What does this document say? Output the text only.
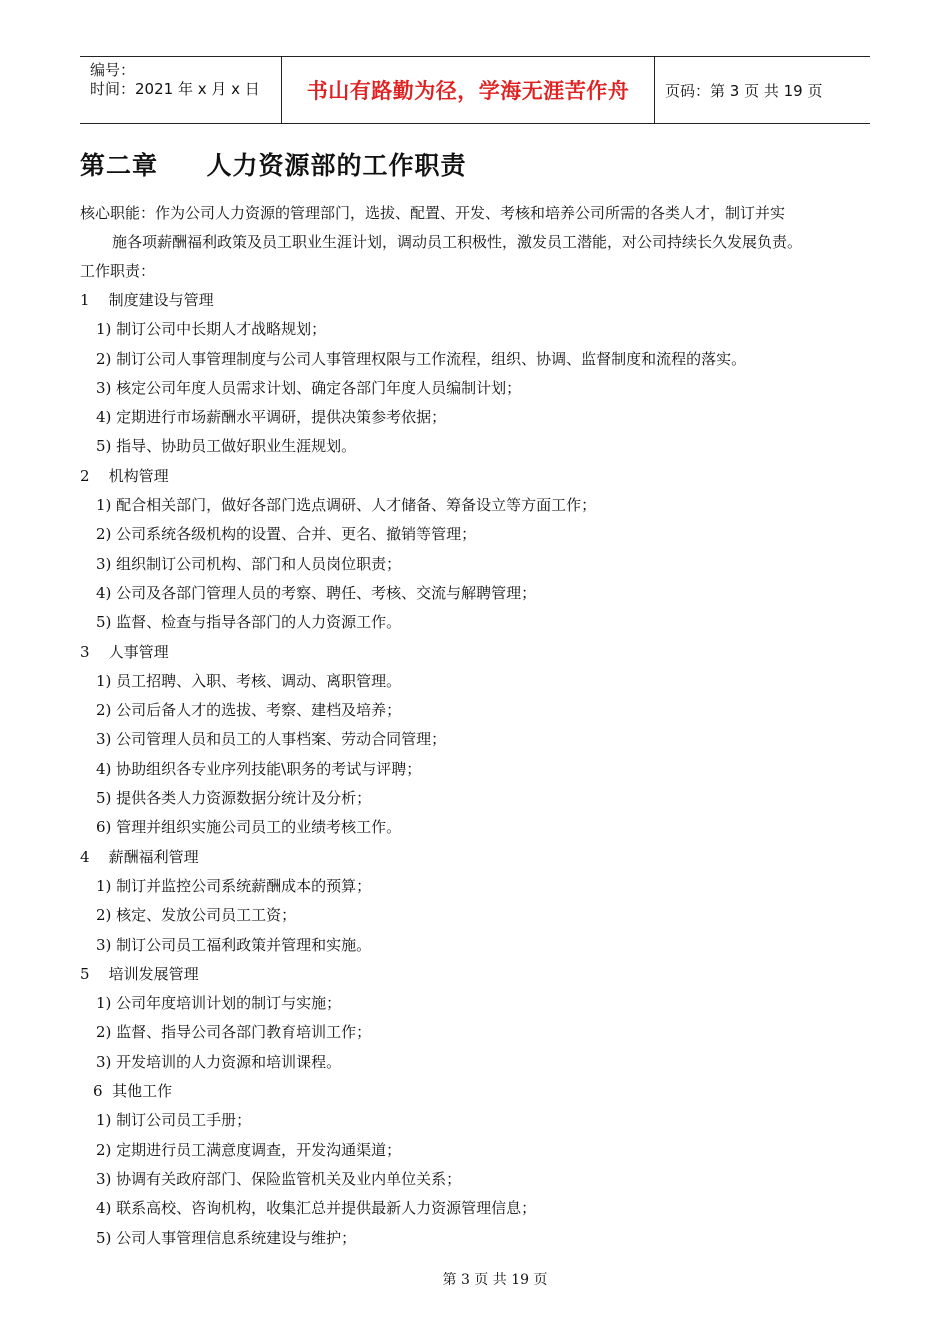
编号：
时间：2021 年 x 月 x 日	书山有路勤为径，学海无涯苦作舟	页码：第 3 页 共 19 页
第二章     人力资源部的工作职责

核心职能：作为公司人力资源的管理部门，选拔、配置、开发、考核和培养公司所需的各类人才，制订并实

施各项薪酬福利政策及员工职业生涯计划，调动员工积极性，激发员工潜能，对公司持续长久发展负责。

工作职责：

1    制度建设与管理

1) 制订公司中长期人才战略规划；

2) 制订公司人事管理制度与公司人事管理权限与工作流程，组织、协调、监督制度和流程的落实。

3) 核定公司年度人员需求计划、确定各部门年度人员编制计划；

4) 定期进行市场薪酬水平调研，提供决策参考依据；

5) 指导、协助员工做好职业生涯规划。

2    机构管理

1) 配合相关部门，做好各部门选点调研、人才储备、筹备设立等方面工作；

2) 公司系统各级机构的设置、合并、更名、撤销等管理；

3) 组织制订公司机构、部门和人员岗位职责；

4) 公司及各部门管理人员的考察、聘任、考核、交流与解聘管理；

5) 监督、检查与指导各部门的人力资源工作。

3    人事管理

1) 员工招聘、入职、考核、调动、离职管理。

2) 公司后备人才的选拔、考察、建档及培养；

3) 公司管理人员和员工的人事档案、劳动合同管理；

4) 协助组织各专业序列技能\职务的考试与评聘；

5) 提供各类人力资源数据分统计及分析；

6) 管理并组织实施公司员工的业绩考核工作。

4    薪酬福利管理

1) 制订并监控公司系统薪酬成本的预算；

2) 核定、发放公司员工工资；

3) 制订公司员工福利政策并管理和实施。

5    培训发展管理

1) 公司年度培训计划的制订与实施；

2) 监督、指导公司各部门教育培训工作；

3) 开发培训的人力资源和培训课程。

6  其他工作

1) 制订公司员工手册；

2) 定期进行员工满意度调查，开发沟通渠道；

3) 协调有关政府部门、保险监管机关及业内单位关系；

4) 联系高校、咨询机构，收集汇总并提供最新人力资源管理信息；

5) 公司人事管理信息系统建设与维护；

第 3 页 共 19 页
